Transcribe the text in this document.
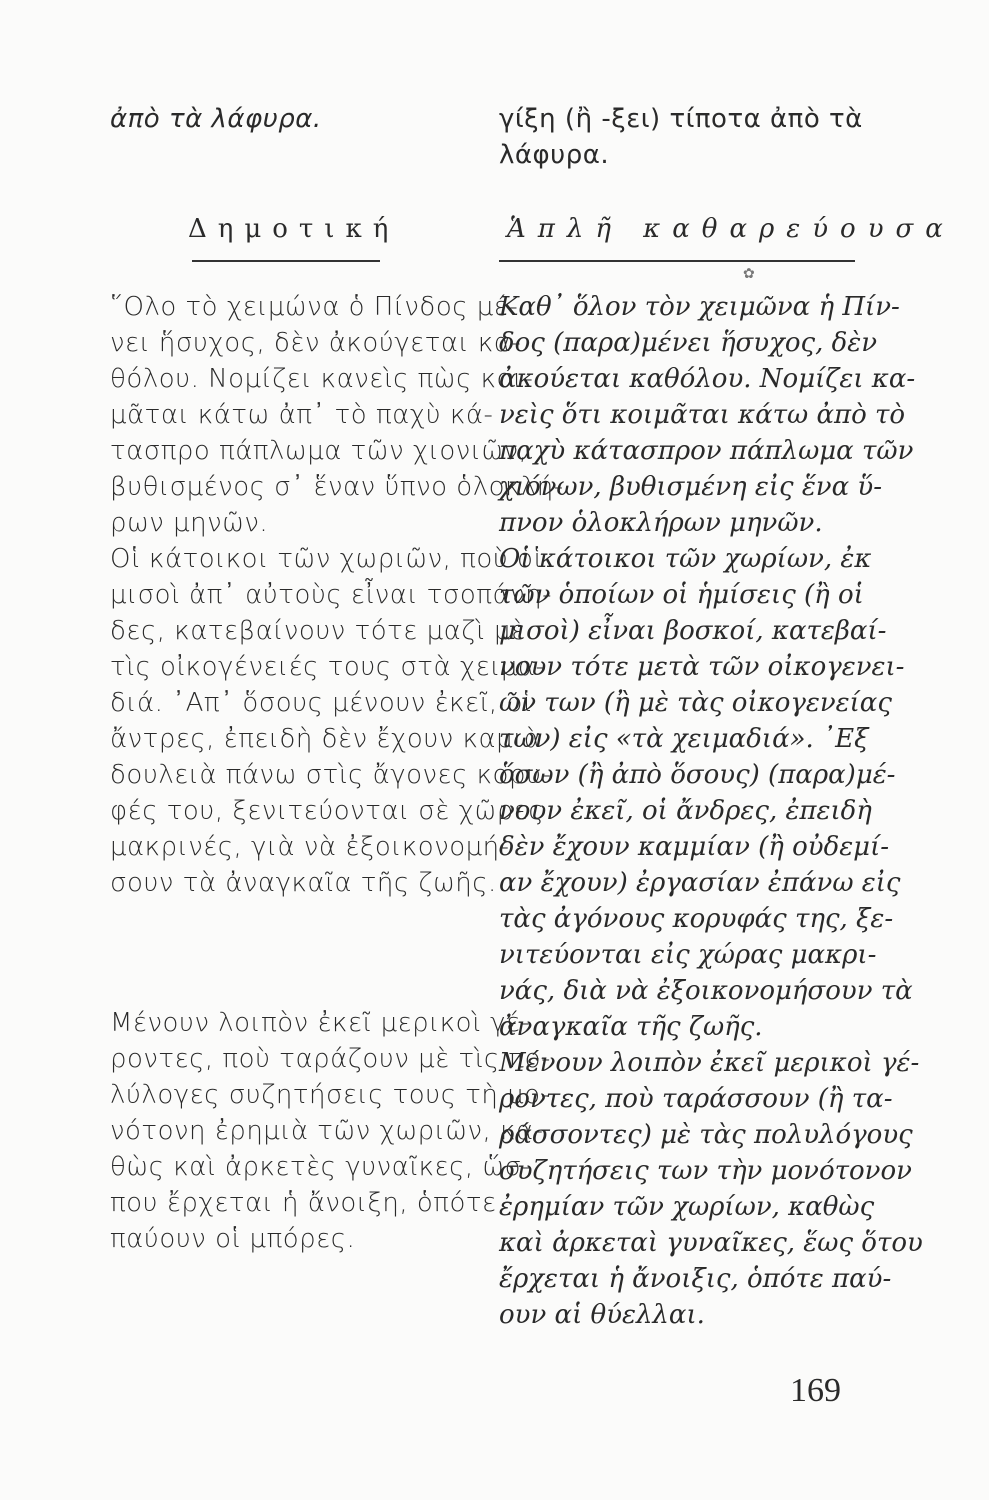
ἀπὸ τὰ λάφυρα.
Δημοτική
῞Ολο τὸ χειμώνα ὁ Πίνδος μέ-
νει ἥσυχος, δὲν ἀκούγεται κα-
θόλου. Νομίζει κανεὶς πὼς κοι-
μᾶται κάτω ἀπ᾿ τὸ παχὺ κά-
τασπρο πάπλωμα τῶν χιονιῶν,
βυθισμένος σ᾿ ἕναν ὕπνο ὁλοκλή-
ρων μηνῶν.
Οἱ κάτοικοι τῶν χωριῶν, ποὺ οἱ
μισοὶ ἀπ᾿ αὐτοὺς εἶναι τσοπάνη-
δες, κατεβαίνουν τότε μαζὶ μὲ
τὶς οἰκογένειές τους στὰ χειμα-
διά. ᾿Απ᾿ ὅσους μένουν ἐκεῖ, οἱ
ἄντρες, ἐπειδὴ δὲν ἔχουν καμιὰ
δουλειὰ πάνω στὶς ἄγονες κορυ-
φές του, ξενιτεύονται σὲ χῶρες
μακρινές, γιὰ νὰ ἐξοικονομή-
σουν τὰ ἀναγκαῖα τῆς ζωῆς.
Μένουν λοιπὸν ἐκεῖ μερικοὶ γέ-
ροντες, ποὺ ταράζουν μὲ τὶς πο-
λύλογες συζητήσεις τους τὴ μο-
νότονη ἐρημιὰ τῶν χωριῶν, κα-
θὼς καὶ ἀρκετὲς γυναῖκες, ὥσ-
που ἔρχεται ἡ ἄνοιξη, ὁπότε
παύουν οἱ μπόρες.
γίξη (ἢ -ξει) τίποτα ἀπὸ τὰ
λάφυρα.
Ἁπλῆ καθαρεύουσα
✿
Καθ᾿ ὅλον τὸν χειμῶνα ἡ Πίν-
δος (παρα)μένει ἥσυχος, δὲν
ἀκούεται καθόλου. Νομίζει κα-
νεὶς ὅτι κοιμᾶται κάτω ἀπὸ τὸ
παχὺ κάτασπρον πάπλωμα τῶν
χιόνων, βυθισμένη εἰς ἕνα ὕ-
πνον ὁλοκλήρων μηνῶν.
Οἱ κάτοικοι τῶν χωρίων, ἐκ
τῶν ὁποίων οἱ ἡμίσεις (ἢ οἱ
μισοὶ) εἶναι βοσκοί, κατεβαί-
νουν τότε μετὰ τῶν οἰκογενει-
ῶν των (ἢ μὲ τὰς οἰκογενείας
των) εἰς «τὰ χειμαδιά». ᾿Εξ
ὅσων (ἢ ἀπὸ ὅσους) (παρα)μέ-
νουν ἐκεῖ, οἱ ἄνδρες, ἐπειδὴ
δὲν ἔχουν καμμίαν (ἢ οὐδεμί-
αν ἔχουν) ἐργασίαν ἐπάνω εἰς
τὰς ἀγόνους κορυφάς της, ξε-
νιτεύονται εἰς χώρας μακρι-
νάς, διὰ νὰ ἐξοικονομήσουν τὰ
ἀναγκαῖα τῆς ζωῆς.
Μένουν λοιπὸν ἐκεῖ μερικοὶ γέ-
ροντες, ποὺ ταράσσουν (ἢ τα-
ράσσοντες) μὲ τὰς πολυλόγους
συζητήσεις των τὴν μονότονον
ἐρημίαν τῶν χωρίων, καθὼς
καὶ ἀρκεταὶ γυναῖκες, ἕως ὅτου
ἔρχεται ἡ ἄνοιξις, ὁπότε παύ-
ουν αἱ θύελλαι.
169
